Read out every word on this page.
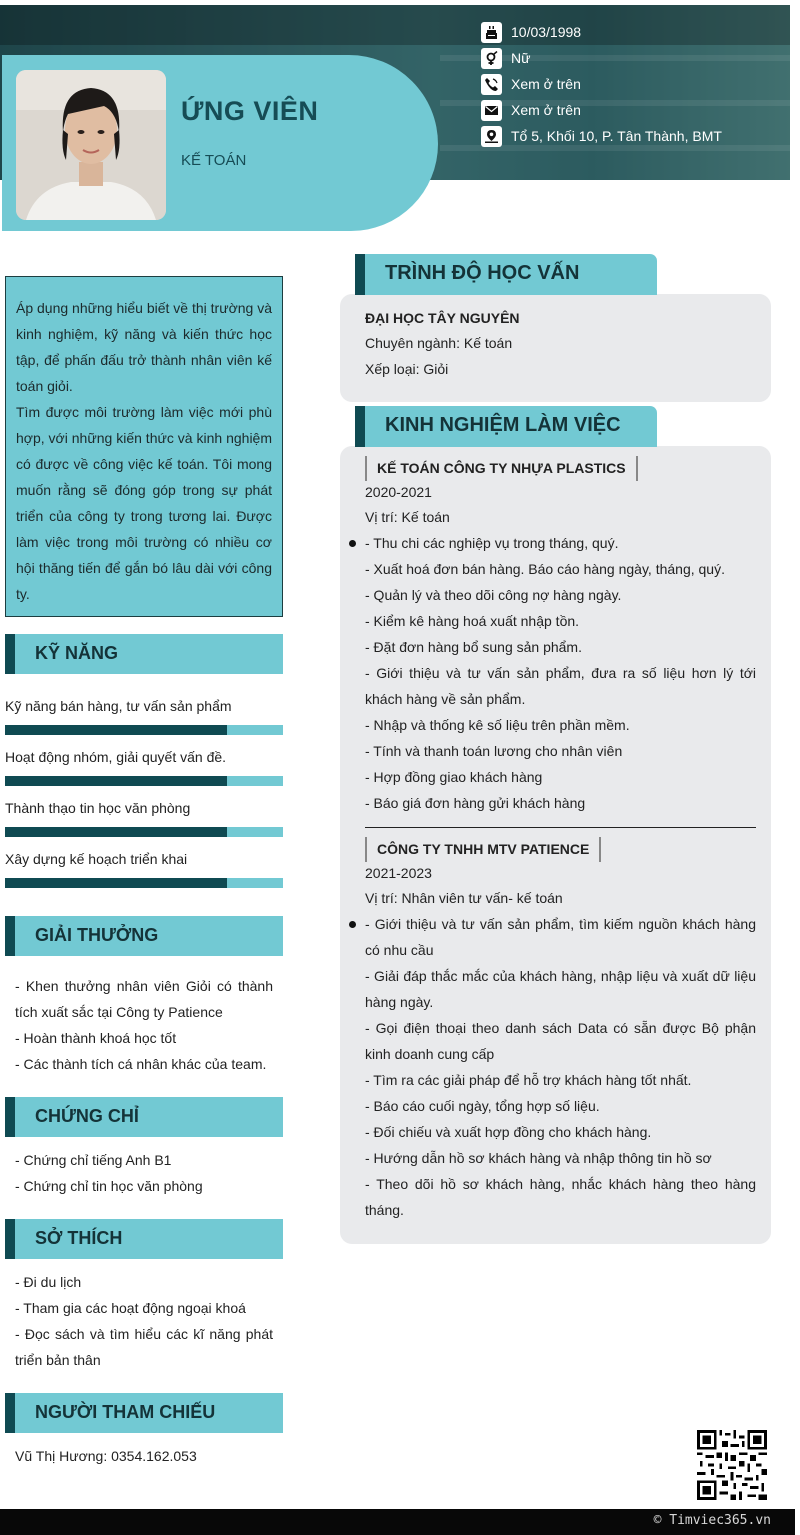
ỨNG VIÊN
KẾ TOÁN
10/03/1998
Nữ
Xem ở trên
Xem ở trên
Tổ 5, Khối 10, P. Tân Thành, BMT
Áp dụng những hiểu biết về thị trường và kinh nghiệm, kỹ năng và kiến thức học tập, để phấn đấu trở thành nhân viên kế toán giỏi.
Tìm được môi trường làm việc mới phù hợp, với những kiến thức và kinh nghiệm có được về công việc kế toán. Tôi mong muốn rằng sẽ đóng góp trong sự phát triển của công ty trong tương lai. Được làm việc trong môi trường có nhiều cơ hội thăng tiến để gắn bó lâu dài với công ty.
KỸ NĂNG
Kỹ năng bán hàng, tư vấn sản phẩm
Hoạt động nhóm, giải quyết vấn đề.
Thành thạo tin học văn phòng
Xây dựng kế hoạch triển khai
GIẢI THƯỞNG
- Khen thưởng nhân viên Giỏi có thành tích xuất sắc tại Công ty Patience
- Hoàn thành khoá học tốt
- Các thành tích cá nhân khác của team.
CHỨNG CHỈ
- Chứng chỉ tiếng Anh B1
- Chứng chỉ tin học văn phòng
SỞ THÍCH
- Đi du lịch
- Tham gia các hoạt động ngoại khoá
- Đọc sách và tìm hiểu các kĩ năng phát triển bản thân
NGƯỜI THAM CHIẾU
Vũ Thị Hương: 0354.162.053
ĐẠI HỌC TÂY NGUYÊN
Chuyên ngành: Kế toán
Xếp loại: Giỏi
TRÌNH ĐỘ HỌC VẤN
KẾ TOÁN CÔNG TY NHỰA PLASTICS
2020-2021
Vị trí: Kế toán
- Thu chi các nghiệp vụ trong tháng, quý.
- Xuất hoá đơn bán hàng. Báo cáo hàng ngày, tháng, quý.
- Quản lý và theo dõi công nợ hàng ngày.
- Kiểm kê hàng hoá xuất nhập tồn.
- Đặt đơn hàng bổ sung sản phẩm.
- Giới thiệu và tư vấn sản phẩm, đưa ra số liệu hơn lý tới khách hàng về sản phẩm.
- Nhập và thống kê số liệu trên phần mềm.
- Tính và thanh toán lương cho nhân viên
- Hợp đồng giao khách hàng
- Báo giá đơn hàng gửi khách hàng
CÔNG TY TNHH MTV PATIENCE
2021-2023
Vị trí: Nhân viên tư vấn- kế toán
- Giới thiệu và tư vấn sản phẩm, tìm kiếm nguồn khách hàng có nhu cầu
- Giải đáp thắc mắc của khách hàng, nhập liệu và xuất dữ liệu hàng ngày.
- Gọi điện thoại theo danh sách Data có sẵn được Bộ phận kinh doanh cung cấp
- Tìm ra các giải pháp để hỗ trợ khách hàng tốt nhất.
- Báo cáo cuối ngày, tổng hợp số liệu.
- Đối chiếu và xuất hợp đồng cho khách hàng.
- Hướng dẫn hồ sơ khách hàng và nhập thông tin hồ sơ
- Theo dõi hồ sơ khách hàng, nhắc khách hàng theo hàng tháng.
KINH NGHIỆM LÀM VIỆC
© Timviec365.vn
